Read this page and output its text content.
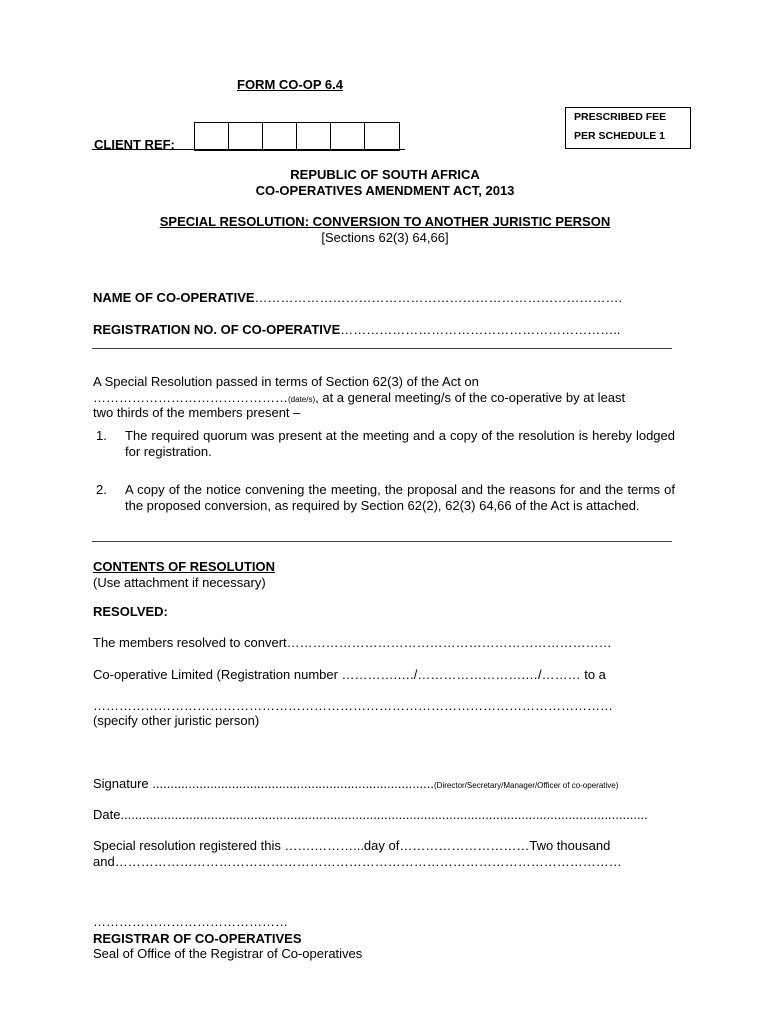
FORM CO-OP 6.4
CLIENT REF:
PRESCRIBED FEE
PER SCHEDULE 1
REPUBLIC OF SOUTH AFRICA
CO-OPERATIVES AMENDMENT ACT, 2013
SPECIAL RESOLUTION: CONVERSION TO ANOTHER JURISTIC PERSON
[Sections 62(3) 64,66]
NAME OF CO-OPERATIVE………………………………………………………………………….
REGISTRATION NO. OF CO-OPERATIVE………………………………………………………..
A Special Resolution passed in terms of Section 62(3) of the Act on
………………………………………(date/s), at a general meeting/s of the co-operative by at least
two thirds of the members present –
1. The required quorum was present at the meeting and a copy of the resolution is hereby lodged for registration.
2. A copy of the notice convening the meeting, the proposal and the reasons for and the terms of the proposed conversion, as required by Section 62(2), 62(3) 64,66 of the Act is attached.
CONTENTS OF RESOLUTION
(Use attachment if necessary)
RESOLVED:
The members resolved to convert…………………………………………………………………
Co-operative Limited (Registration number ………….…./…………………….…/……… to a
…………………………………………………………………………………………………………
(specify other juristic person)
Signature ..............................................................................(Director/Secretary/Manager/Officer of co-operative)
Date..................................................................................................................................................
Special resolution registered this …….………...day of…………………………Two thousand
and………………………………………………………………………………………………………
………………………………………
REGISTRAR OF CO-OPERATIVES
Seal of Office of the Registrar of Co-operatives
